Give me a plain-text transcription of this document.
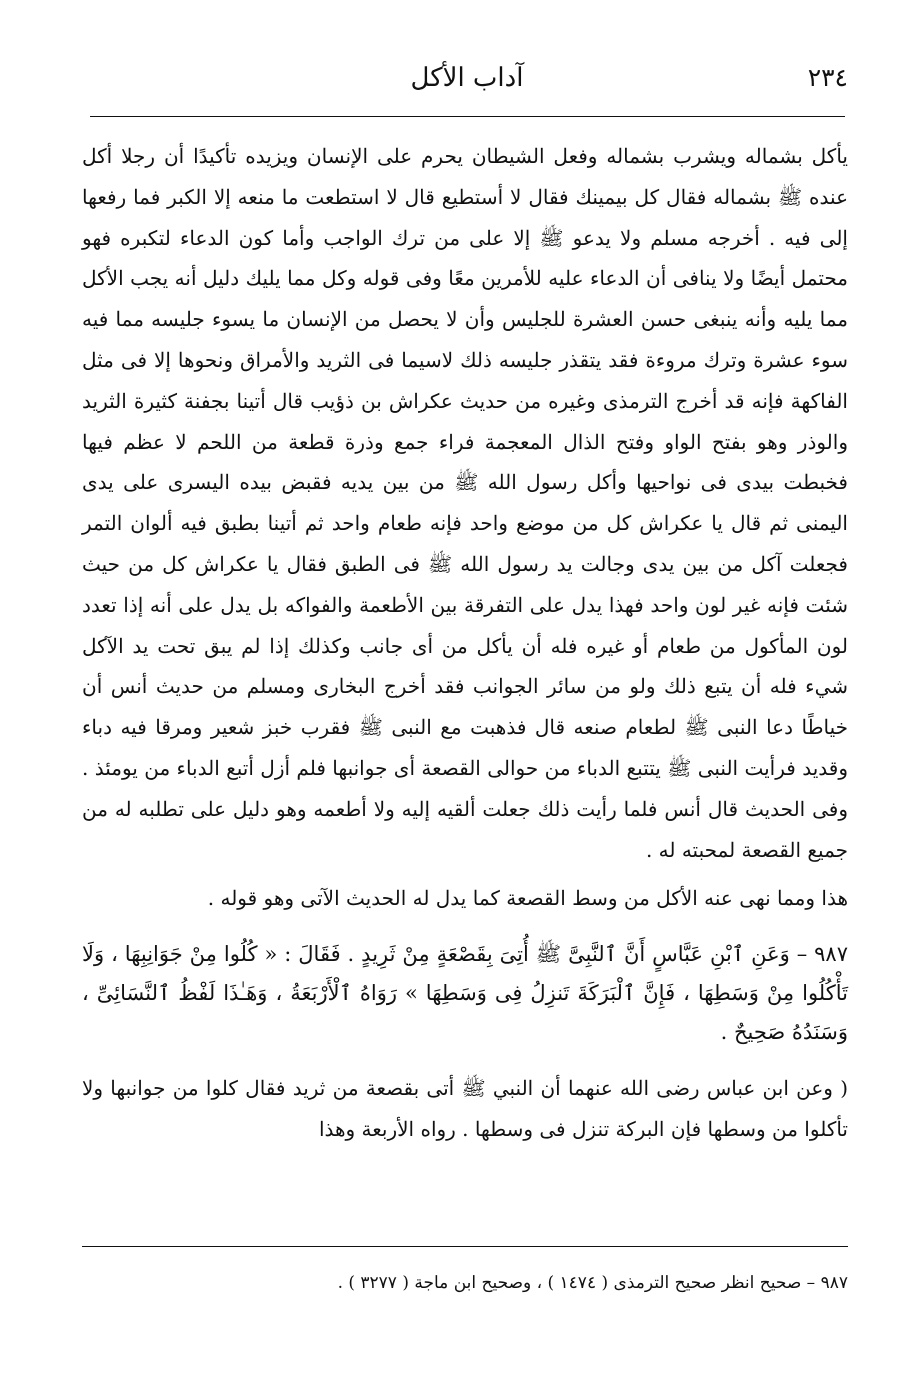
٢٣٤
آداب الأكل

يأكل بشماله ويشرب بشماله وفعل الشيطان يحرم على الإنسان ويزيده تأكيدًا أن رجلا أكل عنده ﷺ بشماله فقال كل بيمينك فقال لا أستطيع قال لا استطعت ما منعه إلا الكبر فما رفعها إلى فيه . أخرجه مسلم ولا يدعو ﷺ إلا على من ترك الواجب وأما كون الدعاء لتكبره فهو محتمل أيضًا ولا ينافى أن الدعاء عليه للأمرين معًا وفى قوله وكل مما يليك دليل أنه يجب الأكل مما يليه وأنه ينبغى حسن العشرة للجليس وأن لا يحصل من الإنسان ما يسوء جليسه مما فيه سوء عشرة وترك مروءة فقد يتقذر جليسه ذلك لاسيما فى الثريد والأمراق ونحوها إلا فى مثل الفاكهة فإنه قد أخرج الترمذى وغيره من حديث عكراش بن ذؤيب قال أتينا بجفنة كثيرة الثريد والوذر وهو بفتح الواو وفتح الذال المعجمة فراء جمع وذرة قطعة من اللحم لا عظم فيها فخبطت بيدى فى نواحيها وأكل رسول الله ﷺ من بين يديه فقبض بيده اليسرى على يدى اليمنى ثم قال يا عكراش كل من موضع واحد فإنه طعام واحد ثم أتينا بطبق فيه ألوان التمر فجعلت آكل من بين يدى وجالت يد رسول الله ﷺ فى الطبق فقال يا عكراش كل من حيث شئت فإنه غير لون واحد فهذا يدل على التفرقة بين الأطعمة والفواكه بل يدل على أنه إذا تعدد لون المأكول من طعام أو غيره فله أن يأكل من أى جانب وكذلك إذا لم يبق تحت يد الآكل شيء فله أن يتبع ذلك ولو من سائر الجوانب فقد أخرج البخارى ومسلم من حديث أنس أن خياطًا دعا النبى ﷺ لطعام صنعه قال فذهبت مع النبى ﷺ فقرب خبز شعير ومرقا فيه دباء وقديد فرأيت النبى ﷺ يتتبع الدباء من حوالى القصعة أى جوانبها فلم أزل أتبع الدباء من يومئذ . وفى الحديث قال أنس فلما رأيت ذلك جعلت ألقيه إليه ولا أطعمه وهو دليل على تطلبه له من جميع القصعة لمحبته له .

هذا ومما نهى عنه الأكل من وسط القصعة كما يدل له الحديث الآتى وهو قوله .

٩٨٧ – وَعَنِ ٱبْنِ عَبَّاسٍ أَنَّ ٱلنَّبِىَّ ﷺ أُتِىَ بِقَصْعَةٍ مِنْ ثَرِيدٍ . فَقَالَ : « كُلُوا مِنْ جَوَانِبِهَا ، وَلَا تَأْكُلُوا مِنْ وَسَطِهَا ، فَإِنَّ ٱلْبَرَكَةَ تَنزِلُ فِى وَسَطِهَا » رَوَاهُ ٱلْأَرْبَعَةُ ، وَهَـٰذَا لَفْظُ ٱلنَّسَائِىِّ ، وَسَنَدُهُ صَحِيحٌ .

( وعن ابن عباس رضى الله عنهما أن النبي ﷺ أتى بقصعة من ثريد فقال كلوا من جوانبها ولا تأكلوا من وسطها فإن البركة تنزل فى وسطها . رواه الأربعة وهذا

٩٨٧ – صحيح انظر صحيح الترمذى ( ١٤٧٤ ) ، وصحيح ابن ماجة ( ٣٢٧٧ ) .
